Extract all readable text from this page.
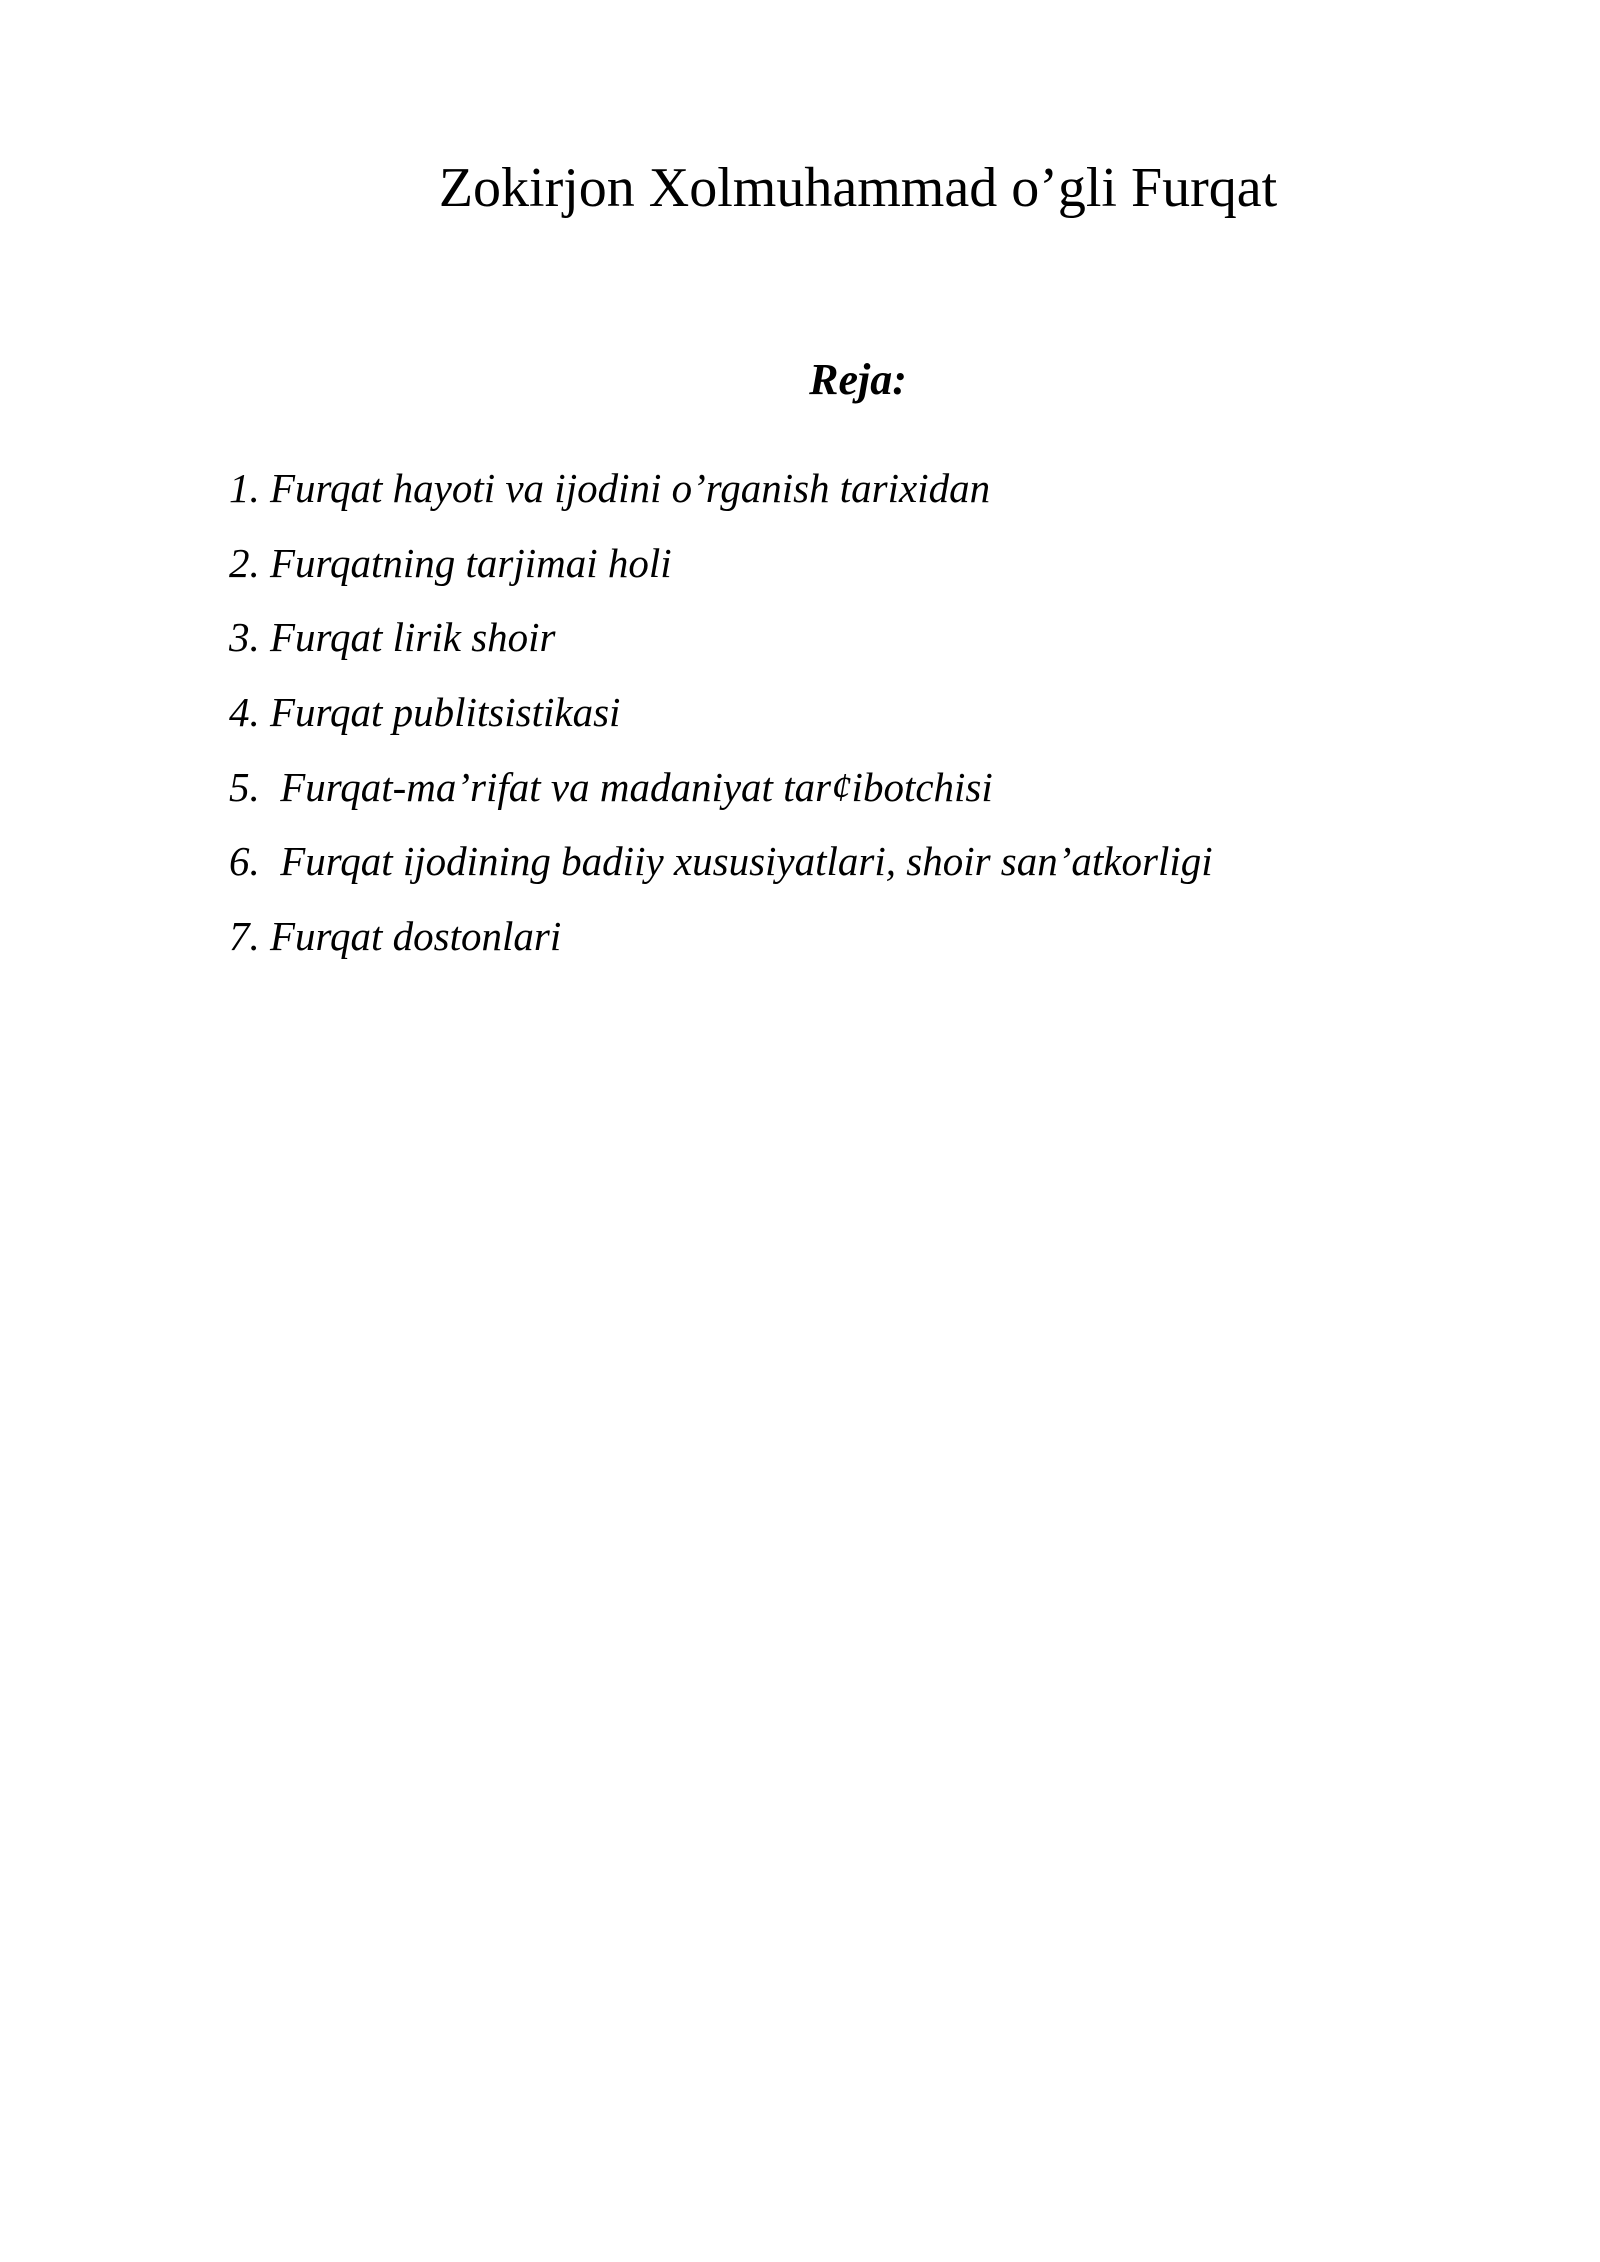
Zokirjon Xolmuhammad o’gli Furqat
Reja:
1. Furqat hayoti va ijodini o’rganish tarixidan
2. Furqatning tarjimai holi
3. Furqat lirik shoir
4. Furqat publitsistikasi
5.  Furqat-ma’rifat va madaniyat tar¢ibotchisi
6.  Furqat ijodining badiiy xususiyatlari, shoir san’atkorligi
7. Furqat dostonlari
